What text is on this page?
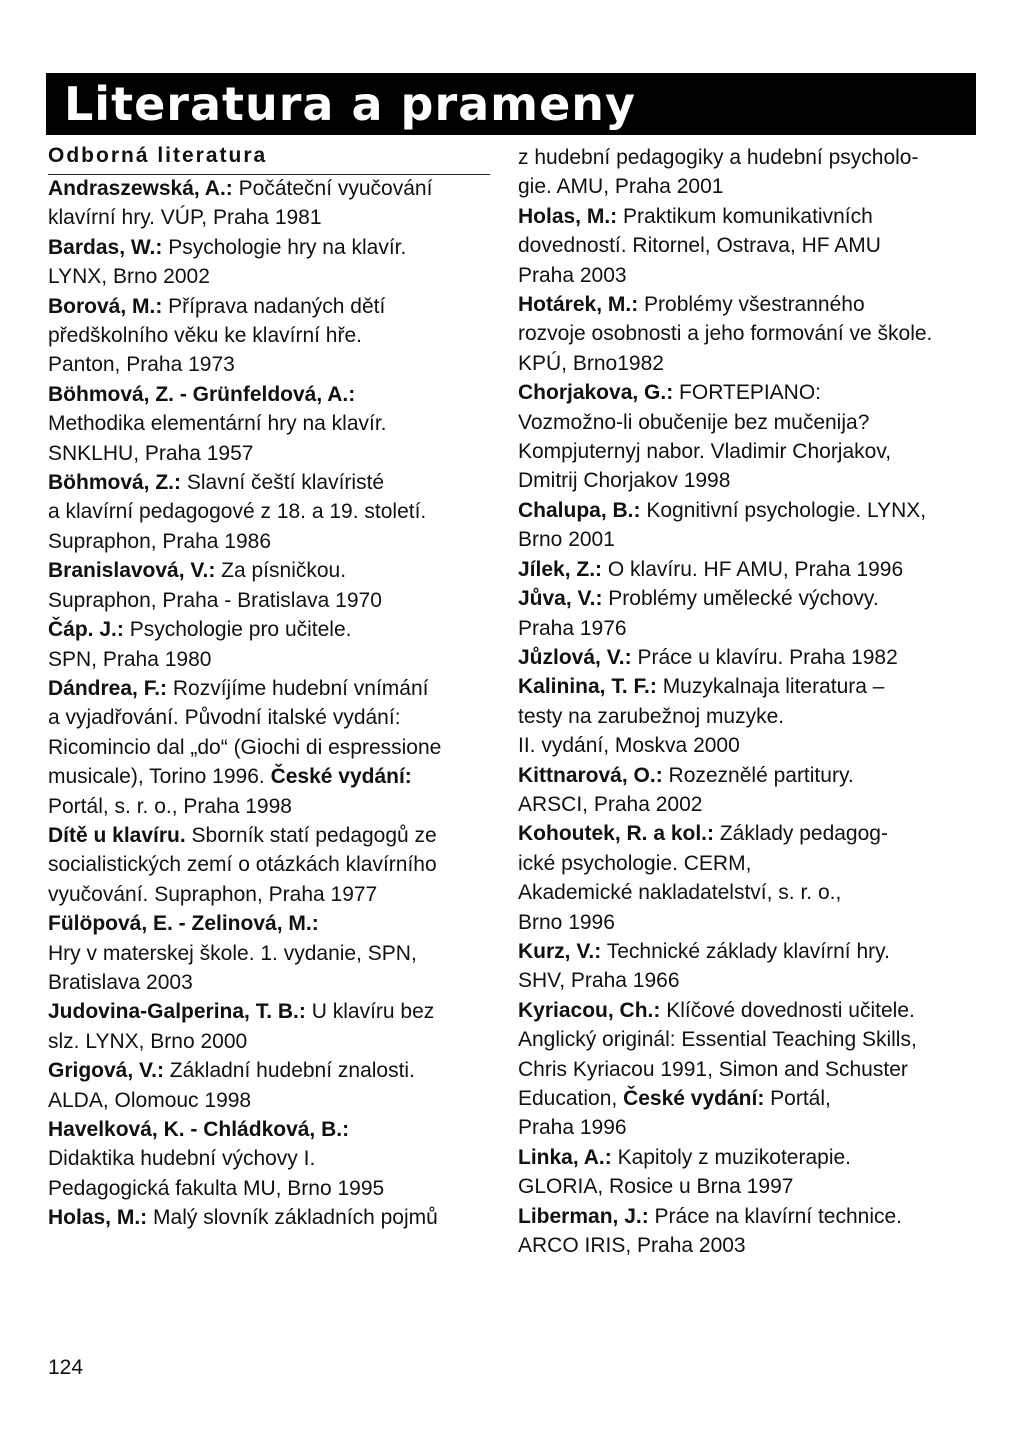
Literatura a prameny
Odborná literatura
Andraszewská, A.: Počáteční vyučování
klavírní hry. VÚP, Praha 1981
Bardas, W.: Psychologie hry na klavír.
LYNX, Brno 2002
Borová, M.: Příprava nadaných dětí
předškolního věku ke klavírní hře.
Panton, Praha 1973
Böhmová, Z. - Grünfeldová, A.:
Methodika elementární hry na klavír.
SNKLHU, Praha 1957
Böhmová, Z.: Slavní čeští klavíristé
a klavírní pedagogové z 18. a 19. století.
Supraphon, Praha 1986
Branislavová, V.: Za písničkou.
Supraphon, Praha - Bratislava 1970
Čáp. J.: Psychologie pro učitele.
SPN, Praha 1980
Dándrea, F.: Rozvíjíme hudební vnímání
a vyjadřování. Původní italské vydání:
Ricomincio dal „do“ (Giochi di espressione
musicale), Torino 1996. České vydání:
Portál, s. r. o., Praha 1998
Dítě u klavíru. Sborník statí pedagogů ze
socialistických zemí o otázkách klavírního
vyučování. Supraphon, Praha 1977
Fülöpová, E. - Zelinová, M.:
Hry v materskej škole. 1. vydanie, SPN,
Bratislava 2003
Judovina-Galperina, T. B.: U klavíru bez
slz. LYNX, Brno 2000
Grigová, V.: Základní hudební znalosti.
ALDA, Olomouc 1998
Havelková, K. - Chládková, B.:
Didaktika hudební výchovy I.
Pedagogická fakulta MU, Brno 1995
Holas, M.: Malý slovník základních pojmů
z hudební pedagogiky a hudební psycholo-
gie. AMU, Praha 2001
Holas, M.: Praktikum komunikativních
dovedností. Ritornel, Ostrava, HF AMU
Praha 2003
Hotárek, M.: Problémy všestranného
rozvoje osobnosti a jeho formování ve škole.
KPÚ, Brno1982
Chorjakova, G.: FORTEPIANO:
Vozmožno-li obučenije bez mučenija?
Kompjuternyj nabor. Vladimir Chorjakov,
Dmitrij Chorjakov 1998
Chalupa, B.: Kognitivní psychologie. LYNX,
Brno 2001
Jílek, Z.: O klavíru. HF AMU, Praha 1996
Jůva, V.: Problémy umělecké výchovy.
Praha 1976
Jůzlová, V.: Práce u klavíru. Praha 1982
Kalinina, T. F.: Muzykalnaja literatura –
testy na zarubežnoj muzyke.
II. vydání, Moskva 2000
Kittnarová, O.: Rozeznělé partitury.
ARSCI, Praha 2002
Kohoutek, R. a kol.: Základy pedagog-
ické psychologie. CERM,
Akademické nakladatelství, s. r. o.,
Brno 1996
Kurz, V.: Technické základy klavírní hry.
SHV, Praha 1966
Kyriacou, Ch.: Klíčové dovednosti učitele.
Anglický originál: Essential Teaching Skills,
Chris Kyriacou 1991, Simon and Schuster
Education, České vydání: Portál,
Praha 1996
Linka, A.: Kapitoly z muzikoterapie.
GLORIA, Rosice u Brna 1997
Liberman, J.: Práce na klavírní technice.
ARCO IRIS, Praha 2003
124
